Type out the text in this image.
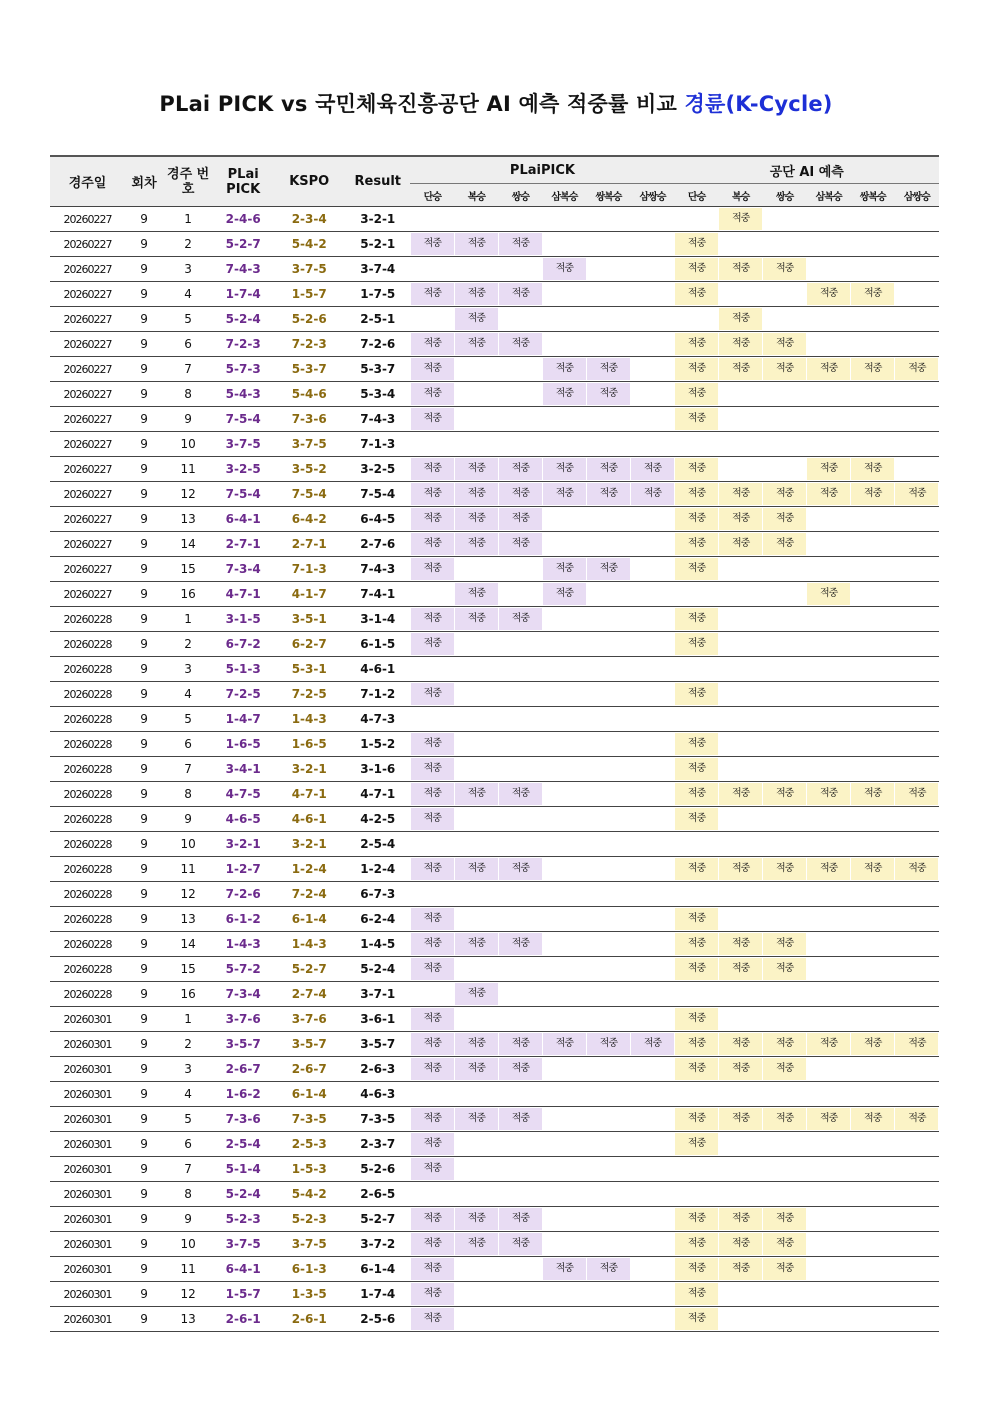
PLai PICK vs 국민체육진흥공단 AI 예측 적중률 비교 경륜(K-Cycle)
경주일	회차	경주 번호	PLai PICK	KSPO	Result	PLaiPICK						공단 AI 예측					
						단승	복승	쌍승	삼복승	쌍복승	삼쌍승	단승	복승	쌍승	삼복승	쌍복승	삼쌍승
20260227	9	1	2-4-6	2-3-4	3-2-1								적중				
20260227	9	2	5-2-7	5-4-2	5-2-1	적중	적중	적중				적중					
20260227	9	3	7-4-3	3-7-5	3-7-4				적중			적중	적중	적중			
20260227	9	4	1-7-4	1-5-7	1-7-5	적중	적중	적중				적중			적중	적중	
20260227	9	5	5-2-4	5-2-6	2-5-1		적중						적중				
20260227	9	6	7-2-3	7-2-3	7-2-6	적중	적중	적중				적중	적중	적중			
20260227	9	7	5-7-3	5-3-7	5-3-7	적중			적중	적중		적중	적중	적중	적중	적중	적중
20260227	9	8	5-4-3	5-4-6	5-3-4	적중			적중	적중		적중					
20260227	9	9	7-5-4	7-3-6	7-4-3	적중						적중					
20260227	9	10	3-7-5	3-7-5	7-1-3												
20260227	9	11	3-2-5	3-5-2	3-2-5	적중	적중	적중	적중	적중	적중	적중			적중	적중	
20260227	9	12	7-5-4	7-5-4	7-5-4	적중	적중	적중	적중	적중	적중	적중	적중	적중	적중	적중	적중
20260227	9	13	6-4-1	6-4-2	6-4-5	적중	적중	적중				적중	적중	적중			
20260227	9	14	2-7-1	2-7-1	2-7-6	적중	적중	적중				적중	적중	적중			
20260227	9	15	7-3-4	7-1-3	7-4-3	적중			적중	적중		적중					
20260227	9	16	4-7-1	4-1-7	7-4-1		적중		적중						적중		
20260228	9	1	3-1-5	3-5-1	3-1-4	적중	적중	적중				적중					
20260228	9	2	6-7-2	6-2-7	6-1-5	적중						적중					
20260228	9	3	5-1-3	5-3-1	4-6-1												
20260228	9	4	7-2-5	7-2-5	7-1-2	적중						적중					
20260228	9	5	1-4-7	1-4-3	4-7-3												
20260228	9	6	1-6-5	1-6-5	1-5-2	적중						적중					
20260228	9	7	3-4-1	3-2-1	3-1-6	적중						적중					
20260228	9	8	4-7-5	4-7-1	4-7-1	적중	적중	적중				적중	적중	적중	적중	적중	적중
20260228	9	9	4-6-5	4-6-1	4-2-5	적중						적중					
20260228	9	10	3-2-1	3-2-1	2-5-4												
20260228	9	11	1-2-7	1-2-4	1-2-4	적중	적중	적중				적중	적중	적중	적중	적중	적중
20260228	9	12	7-2-6	7-2-4	6-7-3												
20260228	9	13	6-1-2	6-1-4	6-2-4	적중						적중					
20260228	9	14	1-4-3	1-4-3	1-4-5	적중	적중	적중				적중	적중	적중			
20260228	9	15	5-7-2	5-2-7	5-2-4	적중						적중	적중	적중			
20260228	9	16	7-3-4	2-7-4	3-7-1		적중										
20260301	9	1	3-7-6	3-7-6	3-6-1	적중						적중					
20260301	9	2	3-5-7	3-5-7	3-5-7	적중	적중	적중	적중	적중	적중	적중	적중	적중	적중	적중	적중
20260301	9	3	2-6-7	2-6-7	2-6-3	적중	적중	적중				적중	적중	적중			
20260301	9	4	1-6-2	6-1-4	4-6-3												
20260301	9	5	7-3-6	7-3-5	7-3-5	적중	적중	적중				적중	적중	적중	적중	적중	적중
20260301	9	6	2-5-4	2-5-3	2-3-7	적중						적중					
20260301	9	7	5-1-4	1-5-3	5-2-6	적중											
20260301	9	8	5-2-4	5-4-2	2-6-5												
20260301	9	9	5-2-3	5-2-3	5-2-7	적중	적중	적중				적중	적중	적중			
20260301	9	10	3-7-5	3-7-5	3-7-2	적중	적중	적중				적중	적중	적중			
20260301	9	11	6-4-1	6-1-3	6-1-4	적중			적중	적중		적중	적중	적중			
20260301	9	12	1-5-7	1-3-5	1-7-4	적중						적중					
20260301	9	13	2-6-1	2-6-1	2-5-6	적중						적중					
